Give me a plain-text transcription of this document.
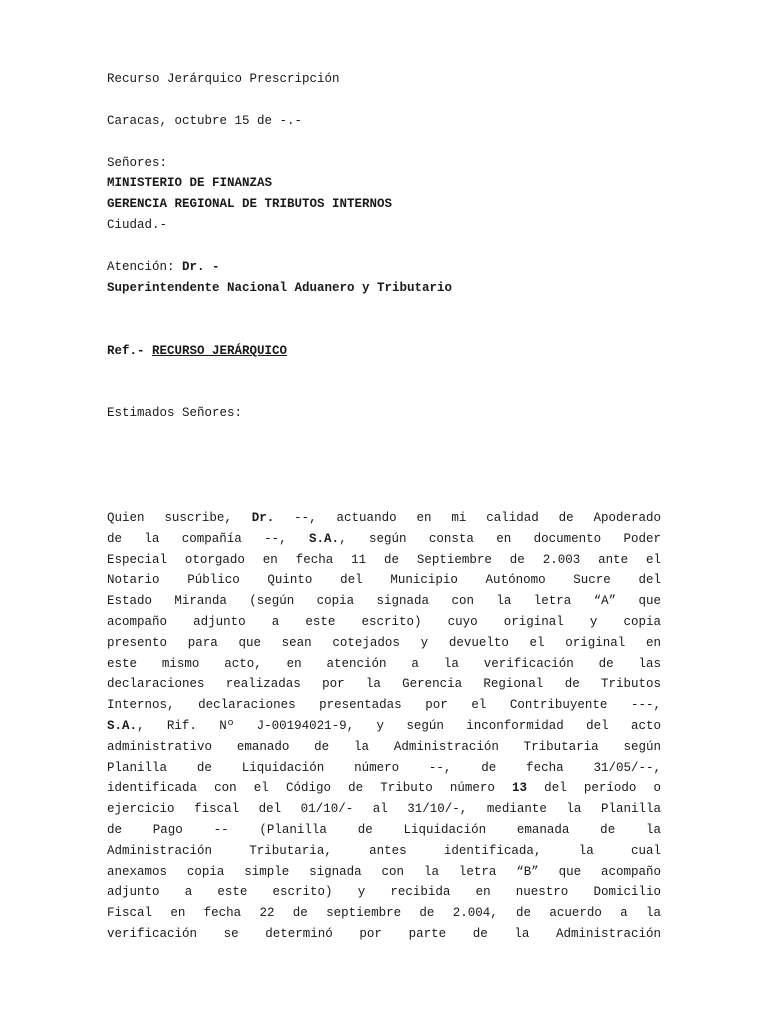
Recurso Jerárquico Prescripción
Caracas, octubre 15 de -.-
Señores:
MINISTERIO DE FINANZAS
GERENCIA REGIONAL DE TRIBUTOS INTERNOS
Ciudad.-
Atención: Dr. -
Superintendente Nacional Aduanero y Tributario
Ref.- RECURSO JERÁRQUICO
Estimados Señores:
Quien suscribe, Dr. --, actuando en mi calidad de Apoderado
de la compañía --, S.A., según consta en documento Poder
Especial otorgado en fecha 11 de Septiembre de 2.003 ante el
Notario Público Quinto del Municipio Autónomo Sucre del
Estado Miranda (según copia signada con la letra “A” que
acompaño adjunto a este escrito) cuyo original y copia
presento para que sean cotejados y devuelto el original en
este mismo acto, en atención a la verificación de las
declaraciones realizadas por la Gerencia Regional de Tributos
Internos, declaraciones presentadas por el Contribuyente ---,
S.A., Rif. Nº J-00194021-9, y según inconformidad del acto
administrativo emanado de la Administración Tributaria según
Planilla de Liquidación número --, de fecha 31/05/--,
identificada con el Código de Tributo número 13 del período o
ejercicio fiscal del 01/10/- al 31/10/-, mediante la Planilla
de Pago -- (Planilla de Liquidación emanada de la
Administración Tributaria, antes identificada, la cual
anexamos copia simple signada con la letra “B” que acompaño
adjunto a este escrito) y recibida en nuestro Domicilio
Fiscal en fecha 22 de septiembre de 2.004, de acuerdo a la
verificación se determinó por parte de la Administración
